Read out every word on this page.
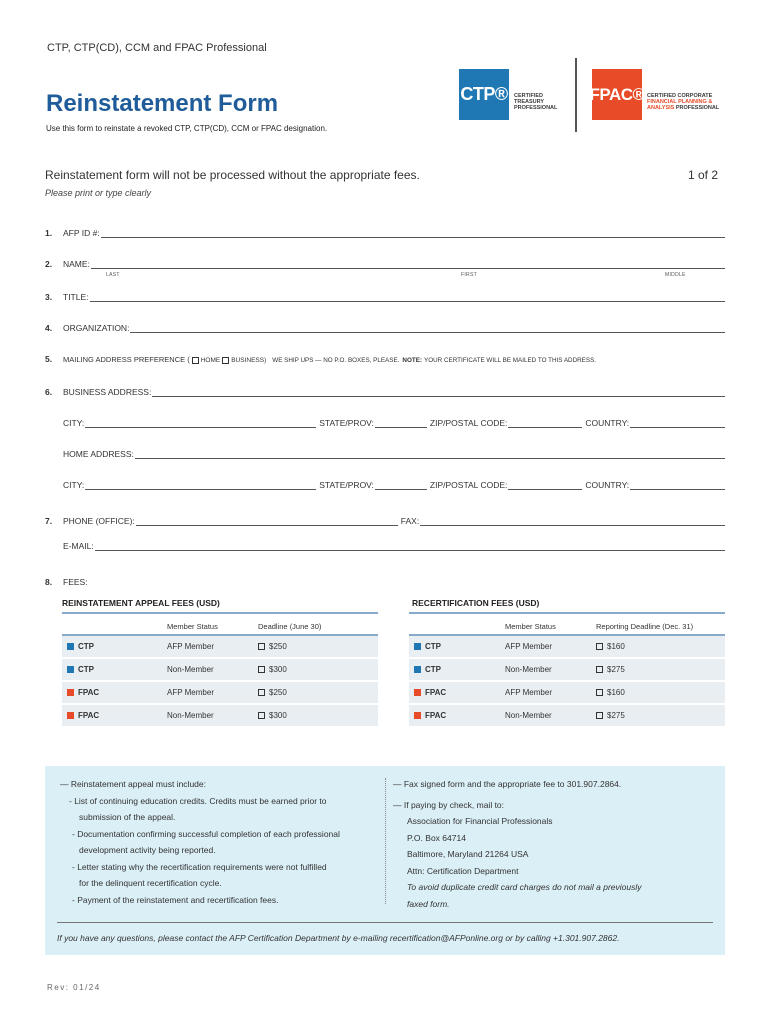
CTP, CTP(CD), CCM and FPAC Professional
CTP® CERTIFIED
TREASURY
PROFESSIONAL
FPAC® CERTIFIED CORPORATE
FINANCIAL PLANNING &
ANALYSIS PROFESSIONAL
Reinstatement Form
Use this form to reinstate a revoked CTP, CTP(CD), CCM or FPAC designation.
Reinstatement form will not be processed without the appropriate fees.	1 of 2
Please print or type clearly
1.	AFP ID #:
2.	NAME:
LAST	FIRST	MIDDLE
3.	TITLE:
4.	ORGANIZATION:
5.	MAILING ADDRESS PREFERENCE ( HOME BUSINESS) WE SHIP UPS — NO P.O. BOXES, PLEASE. NOTE: YOUR CERTIFICATE WILL BE MAILED TO THIS ADDRESS.
6.	BUSINESS ADDRESS:
CITY:	STATE/PROV:	ZIP/POSTAL CODE:	COUNTRY:
HOME ADDRESS:
CITY:	STATE/PROV:	ZIP/POSTAL CODE:	COUNTRY:
7.	PHONE (OFFICE):	FAX:
E-MAIL:
8.	FEES:
REINSTATEMENT APPEAL FEES (USD)
Member Status	Deadline (June 30)
CTP	AFP Member	$250
CTP	Non-Member	$300
FPAC	AFP Member	$250
FPAC	Non-Member	$300
RECERTIFICATION FEES (USD)
Member Status	Reporting Deadline (Dec. 31)
CTP	AFP Member	$160
CTP	Non-Member	$275
FPAC	AFP Member	$160
FPAC	Non-Member	$275
— Reinstatement appeal must include:
- List of continuing education credits. Credits must be earned prior to
submission of the appeal.
- Documentation confirming successful completion of each professional
development activity being reported.
- Letter stating why the recertification requirements were not fulfilled
for the delinquent recertification cycle.
- Payment of the reinstatement and recertification fees.
— Fax signed form and the appropriate fee to 301.907.2864.
— If paying by check, mail to:
Association for Financial Professionals
P.O. Box 64714
Baltimore, Maryland 21264 USA
Attn: Certification Department
To avoid duplicate credit card charges do not mail a previously
faxed form.
If you have any questions, please contact the AFP Certification Department by e-mailing recertification@AFPonline.org or by calling +1.301.907.2862.
Rev: 01/24
